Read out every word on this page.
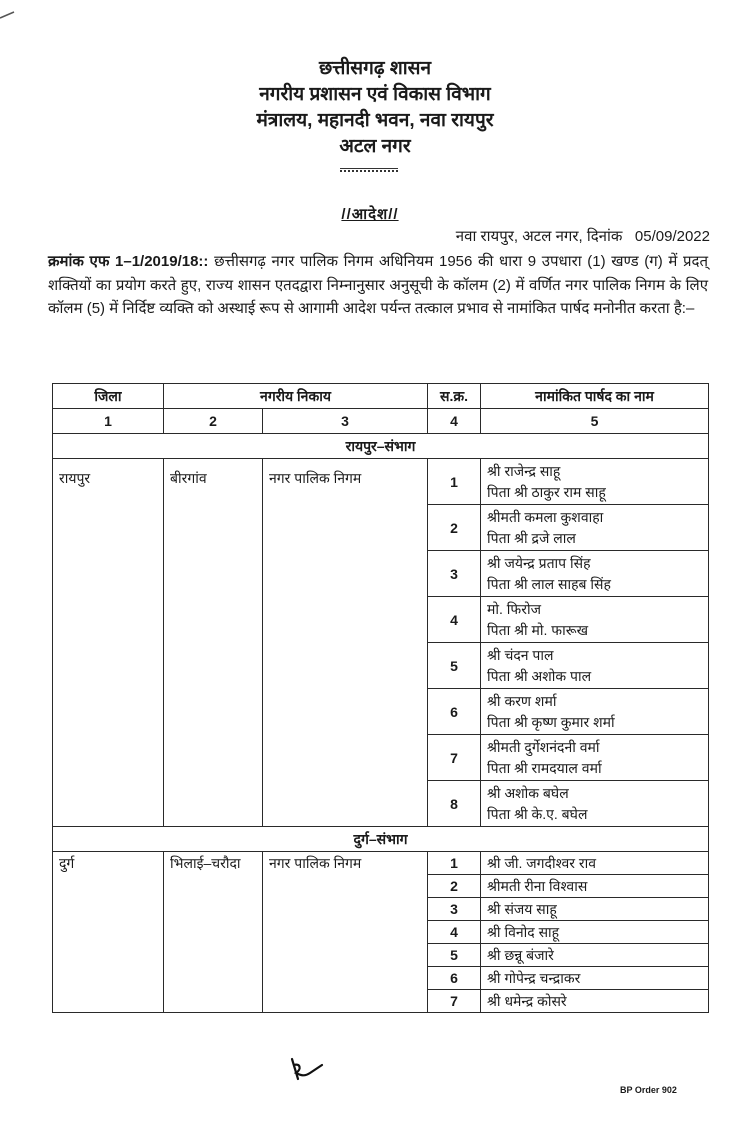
छत्तीसगढ़ शासन
नगरीय प्रशासन एवं विकास विभाग
मंत्रालय, महानदी भवन, नवा रायपुर
अटल नगर
//आदेश//
नवा रायपुर, अटल नगर, दिनांक 05/09/2022
क्रमांक एफ 1–1/2019/18:: छत्तीसगढ़ नगर पालिक निगम अधिनियम 1956 की धारा 9 उपधारा (1) खण्ड (ग) में प्रदत् शक्तियों का प्रयोग करते हुए, राज्य शासन एतदद्वारा निम्नानुसार अनुसूची के कॉलम (2) में वर्णित नगर पालिक निगम के लिए कॉलम (5) में निर्दिष्ट व्यक्ति को अस्थाई रूप से आगामी आदेश पर्यन्त तत्काल प्रभाव से नामांकित पार्षद मनोनीत करता है:–
जिला	नगरीय निकाय		स.क्र.	नामांकित पार्षद का नाम
1	2	3	4	5
रायपुर–संभाग				
रायपुर	बीरगांव	नगर पालिक निगम	1	श्री राजेन्द्र साहू
पिता श्री ठाकुर राम साहू

			2	श्रीमती कमला कुशवाहा
पिता श्री द्रजे लाल

			3	श्री जयेन्द्र प्रताप सिंह
पिता श्री लाल साहब सिंह

			4	मो. फिरोज
पिता श्री मो. फारूख

			5	श्री चंदन पाल
पिता श्री अशोक पाल

			6	श्री करण शर्मा
पिता श्री कृष्ण कुमार शर्मा

			7	श्रीमती दुर्गेशनंदनी वर्मा
पिता श्री रामदयाल वर्मा

			8	श्री अशोक बघेल
पिता श्री के.ए. बघेल

दुर्ग–संभाग				
दुर्ग	भिलाई–चरौदा	नगर पालिक निगम	1	श्री जी. जगदीश्वर राव
			2	श्रीमती रीना विश्वास
			3	श्री संजय साहू
			4	श्री विनोद साहू
			5	श्री छन्नू बंजारे
			6	श्री गोपेन्द्र चन्द्राकर
			7	श्री धमेन्द्र कोसरे
BP Order 902
